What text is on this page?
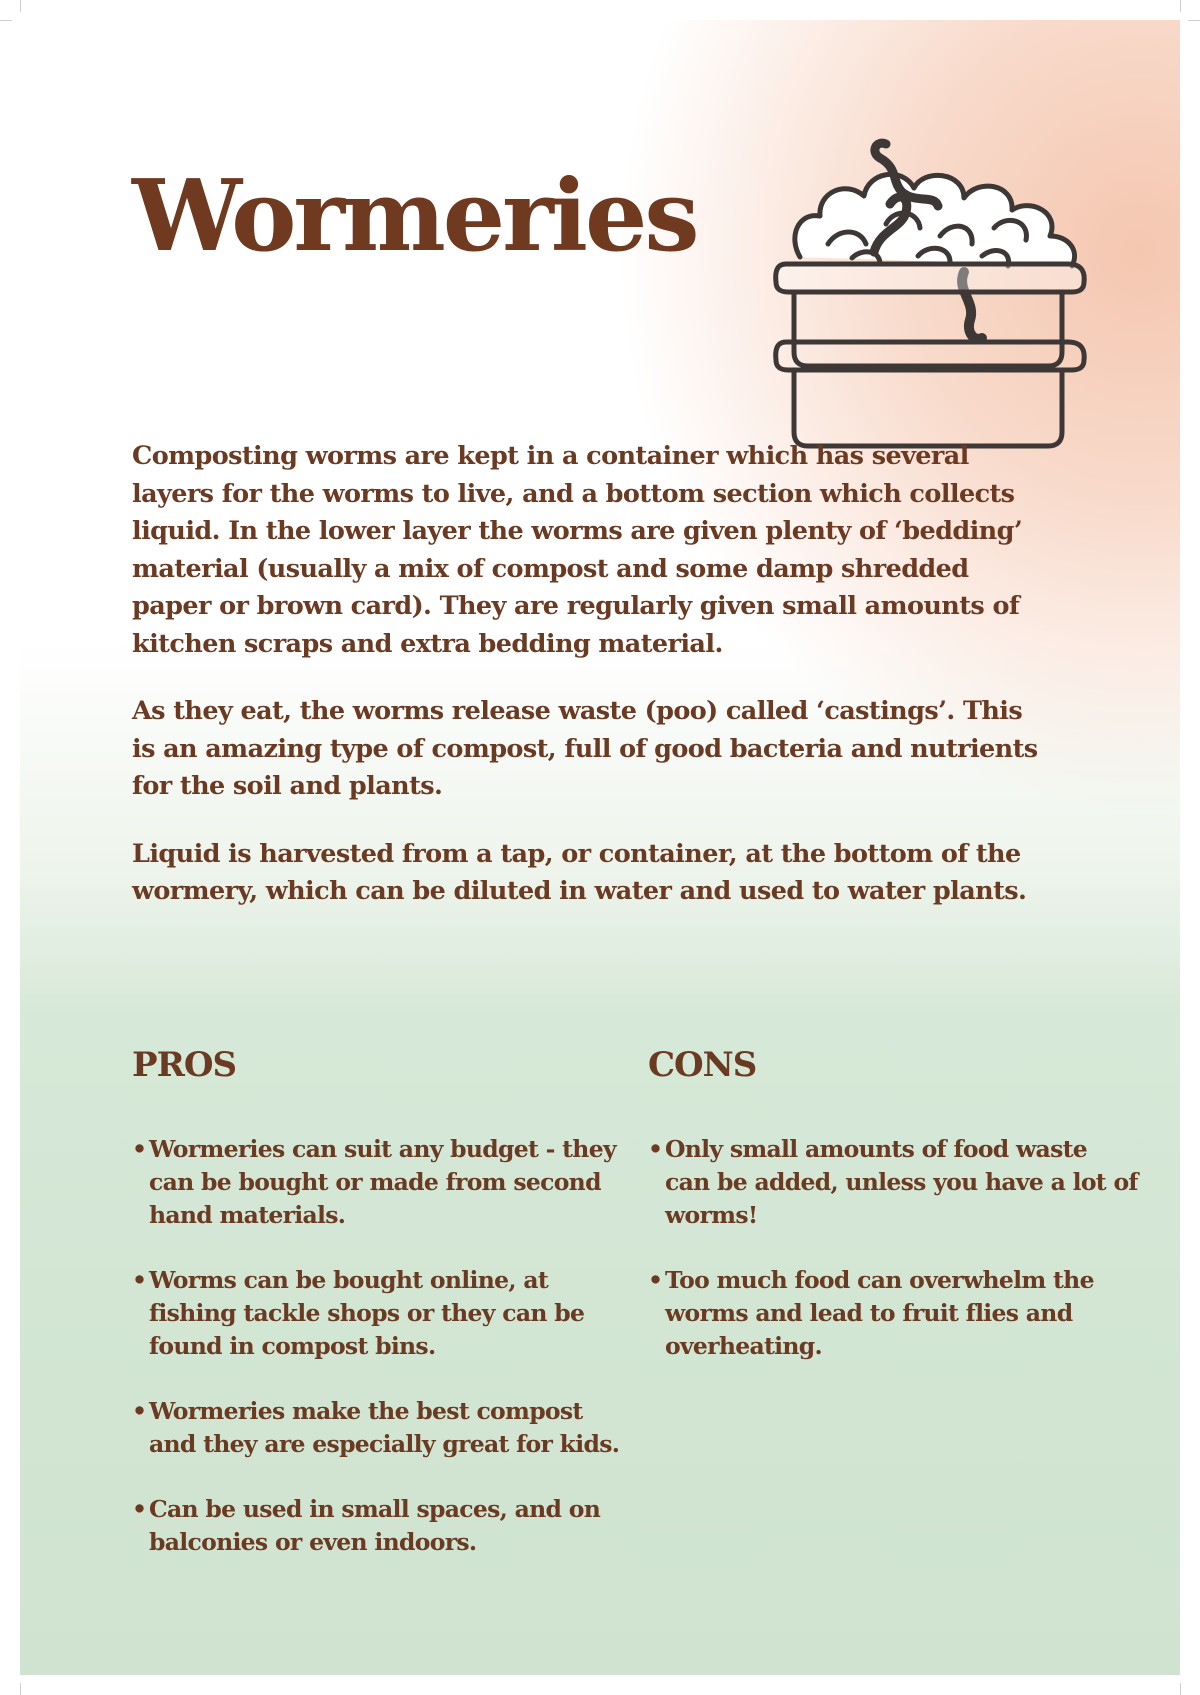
Wormeries

Composting worms are kept in a container which has several layers for the worms to live, and a bottom section which collects liquid. In the lower layer the worms are given plenty of ‘bedding’ material (usually a mix of compost and some damp shredded paper or brown card). They are regularly given small amounts of kitchen scraps and extra bedding material.

As they eat, the worms release waste (poo) called ‘castings’. This is an amazing type of compost, full of good bacteria and nutrients for the soil and plants.

Liquid is harvested from a tap, or container, at the bottom of the wormery, which can be diluted in water and used to water plants.

PROS
• Wormeries can suit any budget - they can be bought or made from second hand materials.
• Worms can be bought online, at fishing tackle shops or they can be found in compost bins.
• Wormeries make the best compost and they are especially great for kids.
• Can be used in small spaces, and on balconies or even indoors.
CONS
• Only small amounts of food waste can be added, unless you have a lot of worms!
• Too much food can overwhelm the worms and lead to fruit flies and overheating.
